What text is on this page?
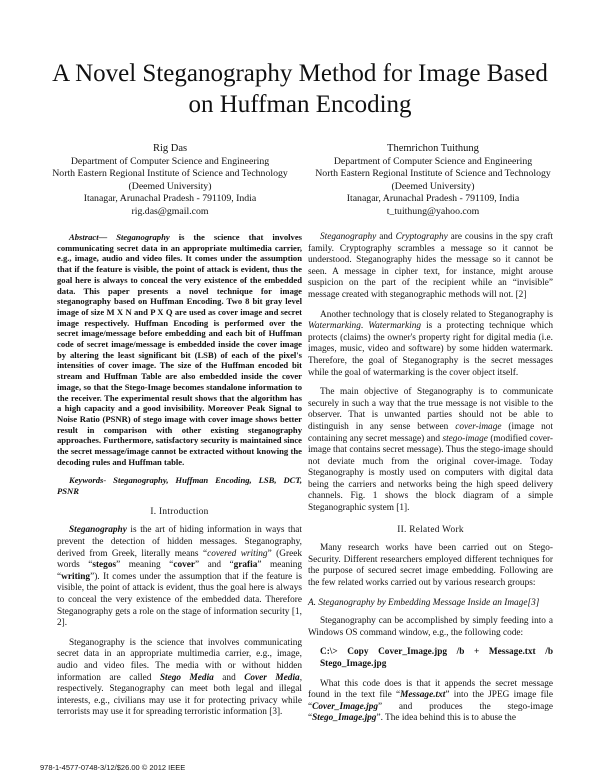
A Novel Steganography Method for Image Based on Huffman Encoding
Rig Das
Department of Computer Science and Engineering
North Eastern Regional Institute of Science and Technology (Deemed University)
Itanagar, Arunachal Pradesh - 791109, India
rig.das@gmail.com
Themrichon Tuithung
Department of Computer Science and Engineering
North Eastern Regional Institute of Science and Technology (Deemed University)
Itanagar, Arunachal Pradesh - 791109, India
t_tuithung@yahoo.com

Abstract— Steganography is the science that involves communicating secret data in an appropriate multimedia carrier, e.g., image, audio and video files. It comes under the assumption that if the feature is visible, the point of attack is evident, thus the goal here is always to conceal the very existence of the embedded data. This paper presents a novel technique for image steganography based on Huffman Encoding. Two 8 bit gray level image of size M X N and P X Q are used as cover image and secret image respectively. Huffman Encoding is performed over the secret image/message before embedding and each bit of Huffman code of secret image/message is embedded inside the cover image by altering the least significant bit (LSB) of each of the pixel's intensities of cover image. The size of the Huffman encoded bit stream and Huffman Table are also embedded inside the cover image, so that the Stego-Image becomes standalone information to the receiver. The experimental result shows that the algorithm has a high capacity and a good invisibility. Moreover Peak Signal to Noise Ratio (PSNR) of stego image with cover image shows better result in comparison with other existing steganography approaches. Furthermore, satisfactory security is maintained since the secret message/image cannot be extracted without knowing the decoding rules and Huffman table.

Keywords- Steganography, Huffman Encoding, LSB, DCT, PSNR
I. Introduction

Steganography is the art of hiding information in ways that prevent the detection of hidden messages. Steganography, derived from Greek, literally means “covered writing” (Greek words “stegos” meaning “cover” and “grafia” meaning “writing”). It comes under the assumption that if the feature is visible, the point of attack is evident, thus the goal here is always to conceal the very existence of the embedded data. Therefore Steganography gets a role on the stage of information security [1, 2].

Steganography is the science that involves communicating secret data in an appropriate multimedia carrier, e.g., image, audio and video files. The media with or without hidden information are called Stego Media and Cover Media, respectively. Steganography can meet both legal and illegal interests, e.g., civilians may use it for protecting privacy while terrorists may use it for spreading terroristic information [3].

Steganography and Cryptography are cousins in the spy craft family. Cryptography scrambles a message so it cannot be understood. Steganography hides the message so it cannot be seen. A message in cipher text, for instance, might arouse suspicion on the part of the recipient while an “invisible” message created with steganographic methods will not. [2]

Another technology that is closely related to Steganography is Watermarking. Watermarking is a protecting technique which protects (claims) the owner's property right for digital media (i.e. images, music, video and software) by some hidden watermark. Therefore, the goal of Steganography is the secret messages while the goal of watermarking is the cover object itself.

The main objective of Steganography is to communicate securely in such a way that the true message is not visible to the observer. That is unwanted parties should not be able to distinguish in any sense between cover-image (image not containing any secret message) and stego-image (modified cover-image that contains secret message). Thus the stego-image should not deviate much from the original cover-image. Today Steganography is mostly used on computers with digital data being the carriers and networks being the high speed delivery channels. Fig. 1 shows the block diagram of a simple Steganographic system [1].

II. Related Work

Many research works have been carried out on Stego-Security. Different researchers employed different techniques for the purpose of secured secret image embedding. Following are the few related works carried out by various research groups:

A. Steganography by Embedding Message Inside an Image[3]

Steganography can be accomplished by simply feeding into a Windows OS command window, e.g., the following code:

C:\> Copy Cover_Image.jpg /b + Message.txt /b Stego_Image.jpg

What this code does is that it appends the secret message found in the text file “Message.txt” into the JPEG image file “Cover_Image.jpg” and produces the stego-image “Stego_Image.jpg”. The idea behind this is to abuse the

978-1-4577-0748-3/12/$26.00 © 2012 IEEE
